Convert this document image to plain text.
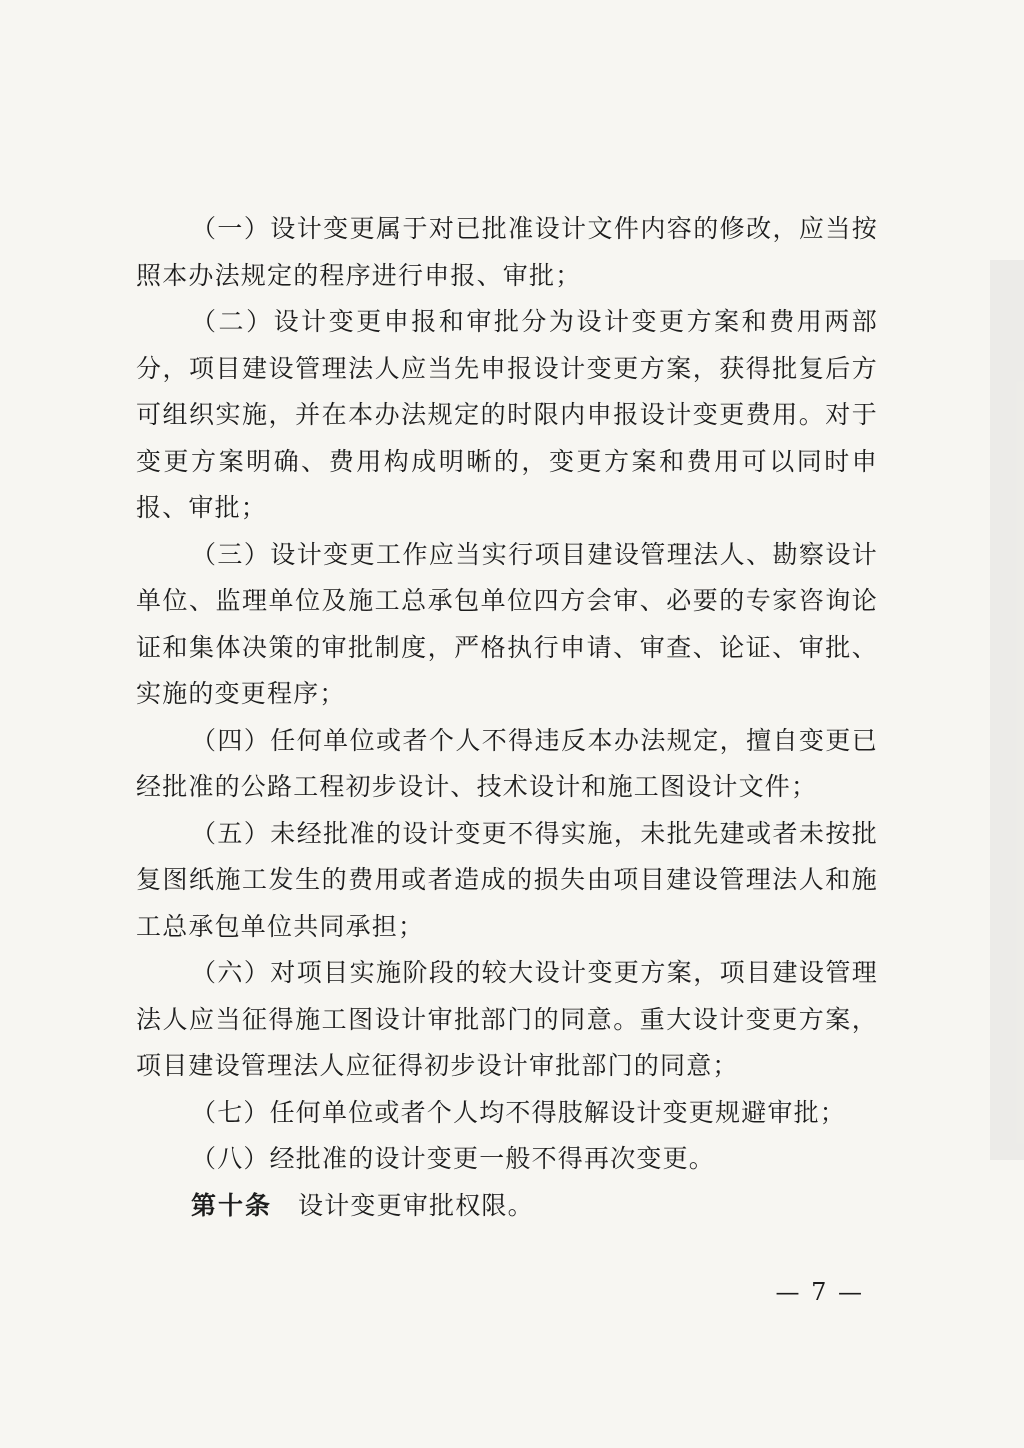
（一）设计变更属于对已批准设计文件内容的修改，应当按照本办法规定的程序进行申报、审批；

（二）设计变更申报和审批分为设计变更方案和费用两部分，项目建设管理法人应当先申报设计变更方案，获得批复后方可组织实施，并在本办法规定的时限内申报设计变更费用。对于变更方案明确、费用构成明晰的，变更方案和费用可以同时申报、审批；

（三）设计变更工作应当实行项目建设管理法人、勘察设计单位、监理单位及施工总承包单位四方会审、必要的专家咨询论证和集体决策的审批制度，严格执行申请、审查、论证、审批、实施的变更程序；

（四）任何单位或者个人不得违反本办法规定，擅自变更已经批准的公路工程初步设计、技术设计和施工图设计文件；

（五）未经批准的设计变更不得实施，未批先建或者未按批复图纸施工发生的费用或者造成的损失由项目建设管理法人和施工总承包单位共同承担；

（六）对项目实施阶段的较大设计变更方案，项目建设管理法人应当征得施工图设计审批部门的同意。重大设计变更方案，项目建设管理法人应征得初步设计审批部门的同意；

（七）任何单位或者个人均不得肢解设计变更规避审批；

（八）经批准的设计变更一般不得再次变更。

第十条 设计变更审批权限。

— 7 —
